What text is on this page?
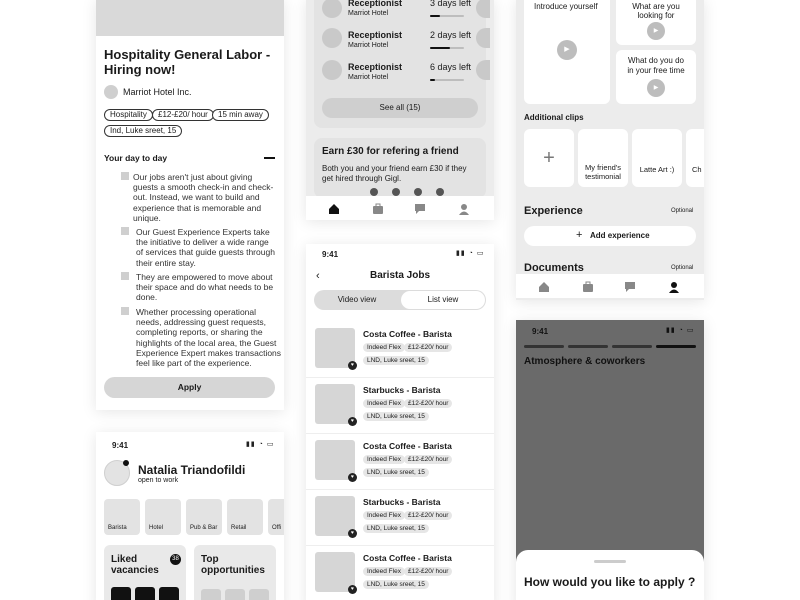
Hospitality General Labor -
Hiring now!
Marriot Hotel Inc.
Hospitality	£12-£20/ hour	15 min away
Ind, Luke sreet, 15
Your day to day
Our jobs aren't just about giving
guests a smooth check-in and check-
out. Instead, we want to build and
experience that is memorable and
unique.
Our Guest Experience Experts take
the initiative to deliver a wide range
of services that guide guests through
their entire stay.
They are empowered to move about
their space and do what needs to be
done.
Whether processing operational
needs, addressing guest requests,
completing reports, or sharing the
highlights of the local area, the Guest
Experience Expert makes transactions
feel like part of the experience.
Apply
9:41	▮▮ ◔ ▭
Natalia Triandofildi
open to work
Barista	Hotel	Pub & Bar Retail	Offi
Liked
vacancies
38 Top
opportunities
Receptionist
Marriot Hotel
3 days left
Receptionist
Marriot Hotel
2 days left
Receptionist
Marriot Hotel
6 days left
See all (15)
Earn £30 for refering a friend
Both you and your friend earn £30 if they
get hired through Gigl.
9:41	▮▮ ◔ ▭
‹	Barista Jobs
Video view	List view
♥
Costa Coffee - Barista
Indeed Flex	£12-£20/ hour
LND, Luke sreet, 15
♥
Starbucks - Barista
Indeed Flex	£12-£20/ hour
LND, Luke sreet, 15
♥
Costa Coffee - Barista
Indeed Flex	£12-£20/ hour
LND, Luke sreet, 15
♥
Starbucks - Barista
Indeed Flex	£12-£20/ hour
LND, Luke sreet, 15
♥
Costa Coffee - Barista
Indeed Flex	£12-£20/ hour
LND, Luke sreet, 15
Introduce yourself
▶
What are you
looking for
▶
What do you do
in your free time
▶
Additional clips
+	My friend's
testimonial
Latte Art :)	Ch
Experience	Optional
+ Add experience
Documents	Optional
9:41	▮▮ ◔ ▭
Atmosphere & coworkers
How would you like to apply ?
